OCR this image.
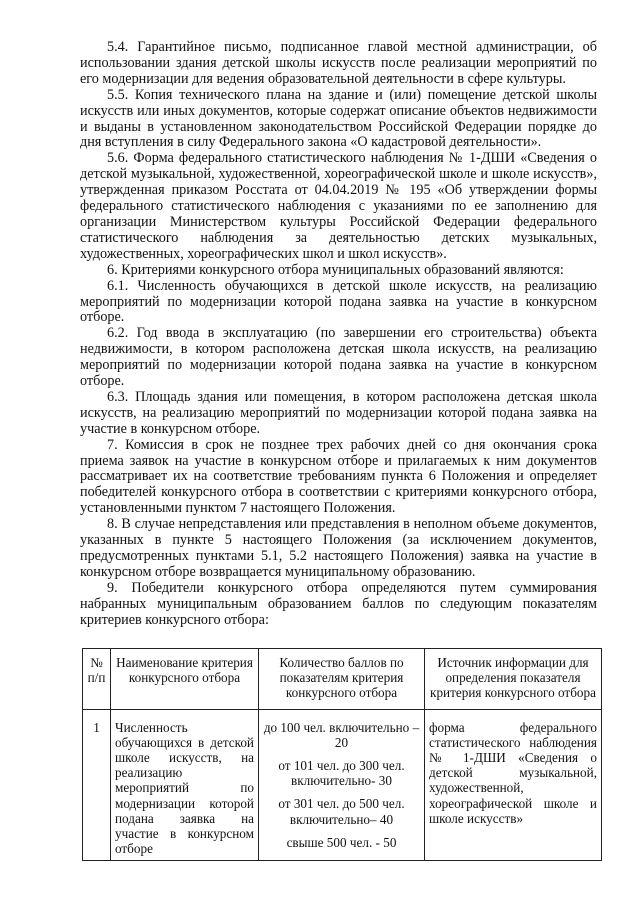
5.4. Гарантийное письмо, подписанное главой местной администрации, об использовании здания детской школы искусств после реализации мероприятий по его модернизации для ведения образовательной деятельности в сфере культуры.

5.5. Копия технического плана на здание и (или) помещение детской школы искусств или иных документов, которые содержат описание объектов недвижимости и выданы в установленном законодательством Российской Федерации порядке до дня вступления в силу Федерального закона «О кадастровой деятельности».

5.6. Форма федерального статистического наблюдения № 1-ДШИ «Сведения о детской музыкальной, художественной, хореографической школе и школе искусств», утвержденная приказом Росстата от 04.04.2019 № 195 «Об утверждении формы федерального статистического наблюдения с указаниями по ее заполнению для организации Министерством культуры Российской Федерации федерального статистического наблюдения за деятельностью детских музыкальных, художественных, хореографических школ и школ искусств».

6. Критериями конкурсного отбора муниципальных образований являются:

6.1. Численность обучающихся в детской школе искусств, на реализацию мероприятий по модернизации которой подана заявка на участие в конкурсном отборе.

6.2. Год ввода в эксплуатацию (по завершении его строительства) объекта недвижимости, в котором расположена детская школа искусств, на реализацию мероприятий по модернизации которой подана заявка на участие в конкурсном отборе.

6.3. Площадь здания или помещения, в котором расположена детская школа искусств, на реализацию мероприятий по модернизации которой подана заявка на участие в конкурсном отборе.

7. Комиссия в срок не позднее трех рабочих дней со дня окончания срока приема заявок на участие в конкурсном отборе и прилагаемых к ним документов рассматривает их на соответствие требованиям пункта 6 Положения и определяет победителей конкурсного отбора в соответствии с критериями конкурсного отбора, установленными пунктом 7 настоящего Положения.

8. В случае непредставления или представления в неполном объеме документов, указанных в пункте 5 настоящего Положения (за исключением документов, предусмотренных пунктами 5.1, 5.2 настоящего Положения) заявка на участие в конкурсном отборе возвращается муниципальному образованию.

9. Победители конкурсного отбора определяются путем суммирования набранных муниципальным образованием баллов по следующим показателям критериев конкурсного отбора:

№ п/п	Наименование критерия конкурсного отбора	Количество баллов по показателям критерия конкурсного отбора	Источник информации для определения показателя критерия конкурсного отбора
1	Численность обучающихся в детской школе искусств, на реализацию мероприятий по модернизации которой подана заявка на участие в конкурсном отборе	до 100 чел. включительно – 20

от 101 чел. до 300 чел. включительно- 30

от 301 чел. до 500 чел. включительно– 40

свыше 500 чел. - 50	форма федерального статистического наблюдения № 1-ДШИ «Сведения о детской музыкальной, художественной, хореографической школе и школе искусств»
